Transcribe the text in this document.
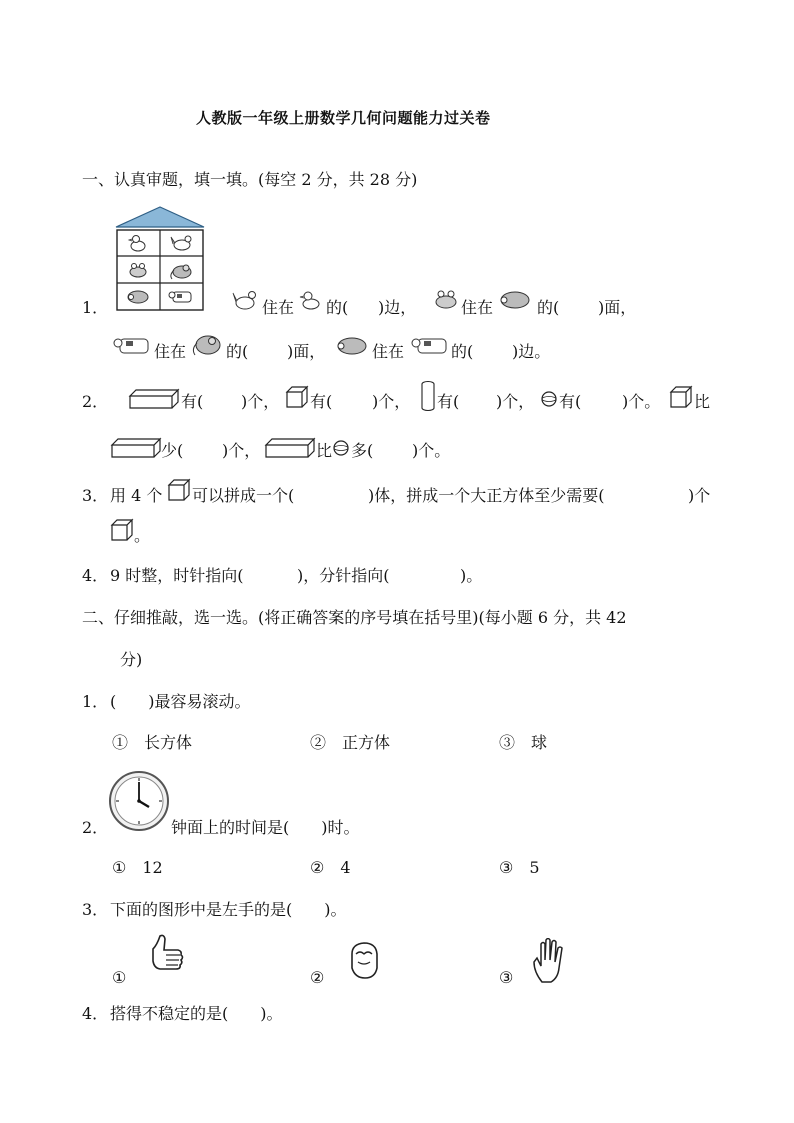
人教版一年级上册数学几何问题能力过关卷
一、认真审题，填一填。(每空 2 分，共 28 分)
1．	住在 的( )边，	住在	的( )面，
住在 的( )面，	住在	的( )边。
2．	有( )个， 有( )个， 有( )个， 有(	)个。 比
少( )个，	比 多( )个。
3． 用 4 个 可以拼成一个(	)体，拼成一个大正方体至少需要(	)个
。
4． 9 时整，时针指向(	)，分针指向(	)。
二、仔细推敲，选一选。(将正确答案的序号填在括号里)(每小题 6 分，共 42
分)
1． (　　)最容易滚动。
①　长方体	②　正方体	③　球
2．	钟面上的时间是(　　)时。
①　12	②　4	③　5
3． 下面的图形中是左手的是(　　)。
①	②	③
4． 搭得不稳定的是(　　)。
